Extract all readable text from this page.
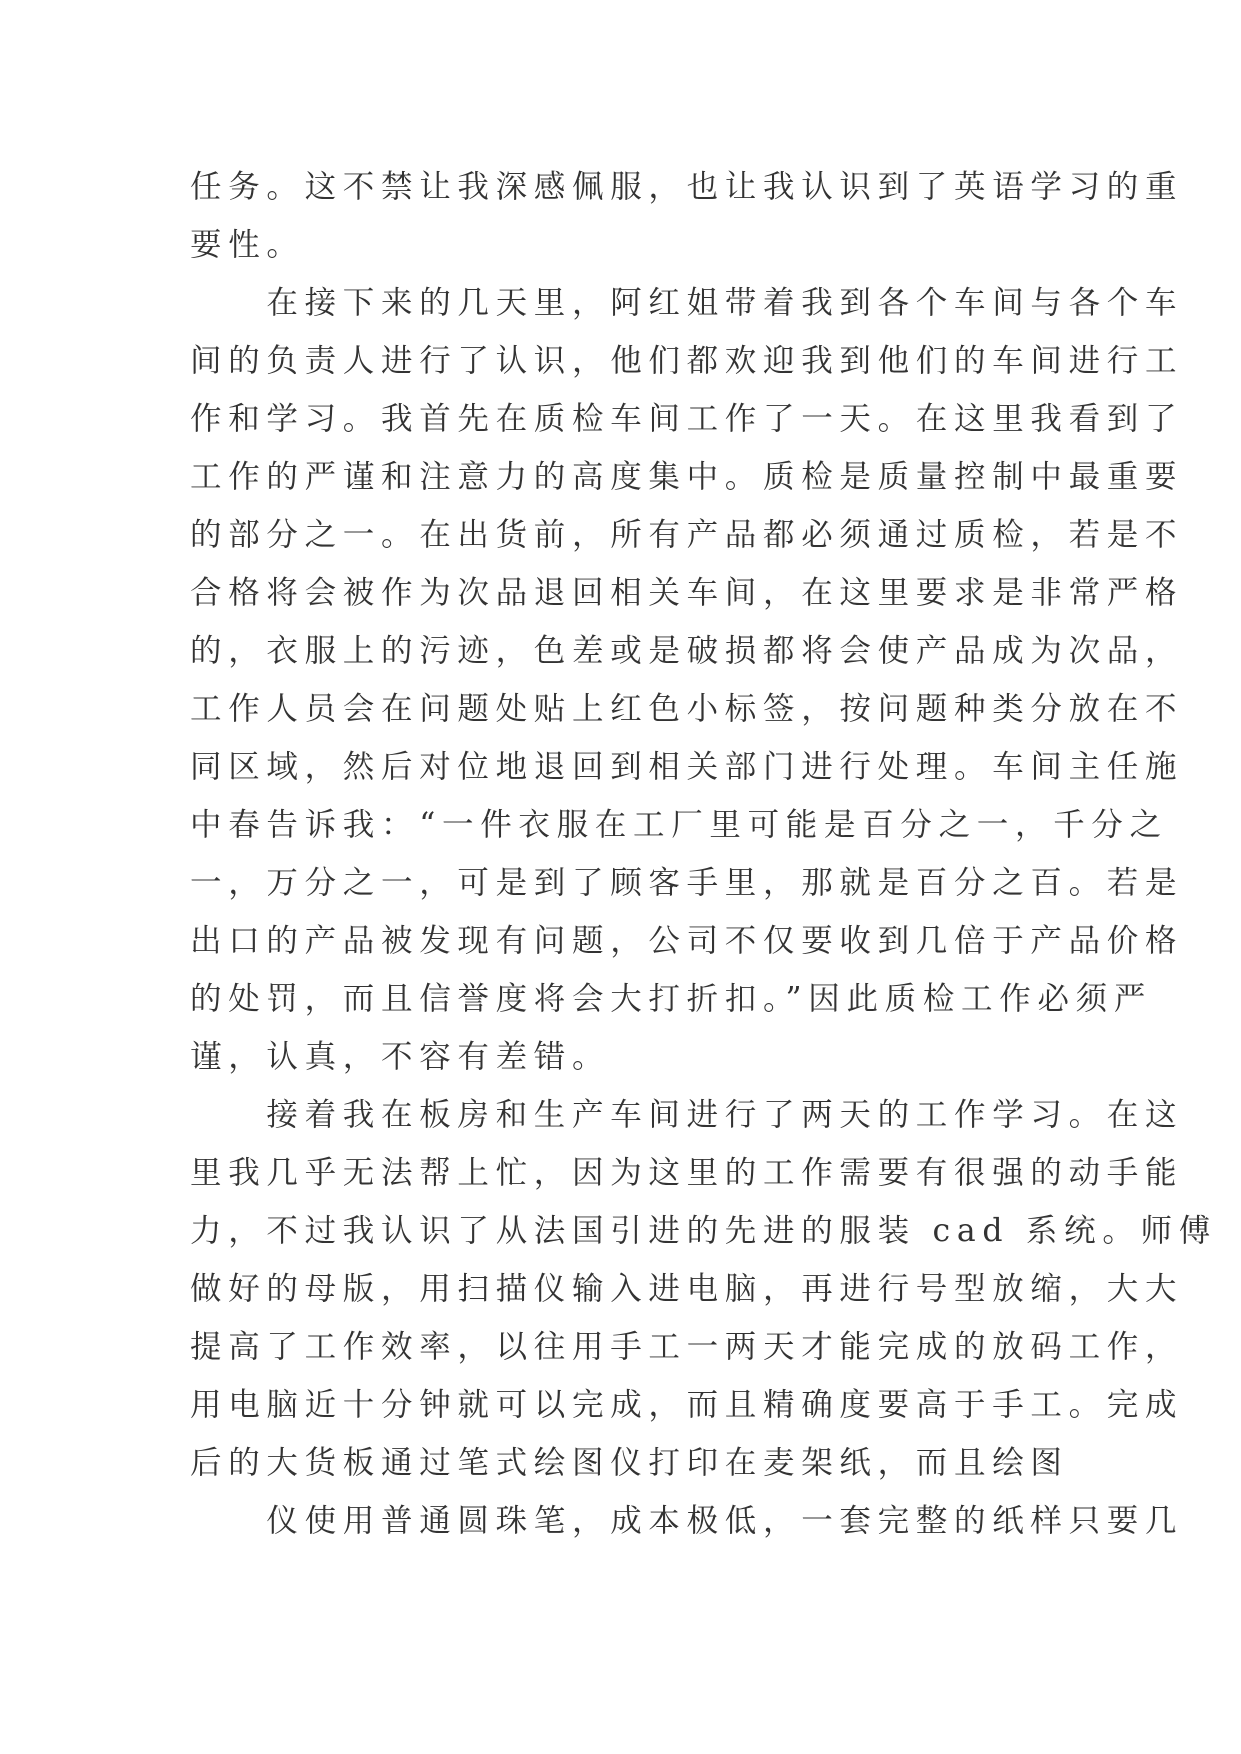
任务。这不禁让我深感佩服，也让我认识到了英语学习的重
要性。
　　在接下来的几天里，阿红姐带着我到各个车间与各个车
间的负责人进行了认识，他们都欢迎我到他们的车间进行工
作和学习。我首先在质检车间工作了一天。在这里我看到了
工作的严谨和注意力的高度集中。质检是质量控制中最重要
的部分之一。在出货前，所有产品都必须通过质检，若是不
合格将会被作为次品退回相关车间，在这里要求是非常严格
的，衣服上的污迹，色差或是破损都将会使产品成为次品，
工作人员会在问题处贴上红色小标签，按问题种类分放在不
同区域，然后对位地退回到相关部门进行处理。车间主任施
中春告诉我：“一件衣服在工厂里可能是百分之一，千分之
一，万分之一，可是到了顾客手里，那就是百分之百。若是
出口的产品被发现有问题，公司不仅要收到几倍于产品价格
的处罚，而且信誉度将会大打折扣。”因此质检工作必须严
谨，认真，不容有差错。
　　接着我在板房和生产车间进行了两天的工作学习。在这
里我几乎无法帮上忙，因为这里的工作需要有很强的动手能
力，不过我认识了从法国引进的先进的服装 cad 系统。师傅
做好的母版，用扫描仪输入进电脑，再进行号型放缩，大大
提高了工作效率，以往用手工一两天才能完成的放码工作，
用电脑近十分钟就可以完成，而且精确度要高于手工。完成
后的大货板通过笔式绘图仪打印在麦架纸，而且绘图
　　仪使用普通圆珠笔，成本极低，一套完整的纸样只要几
